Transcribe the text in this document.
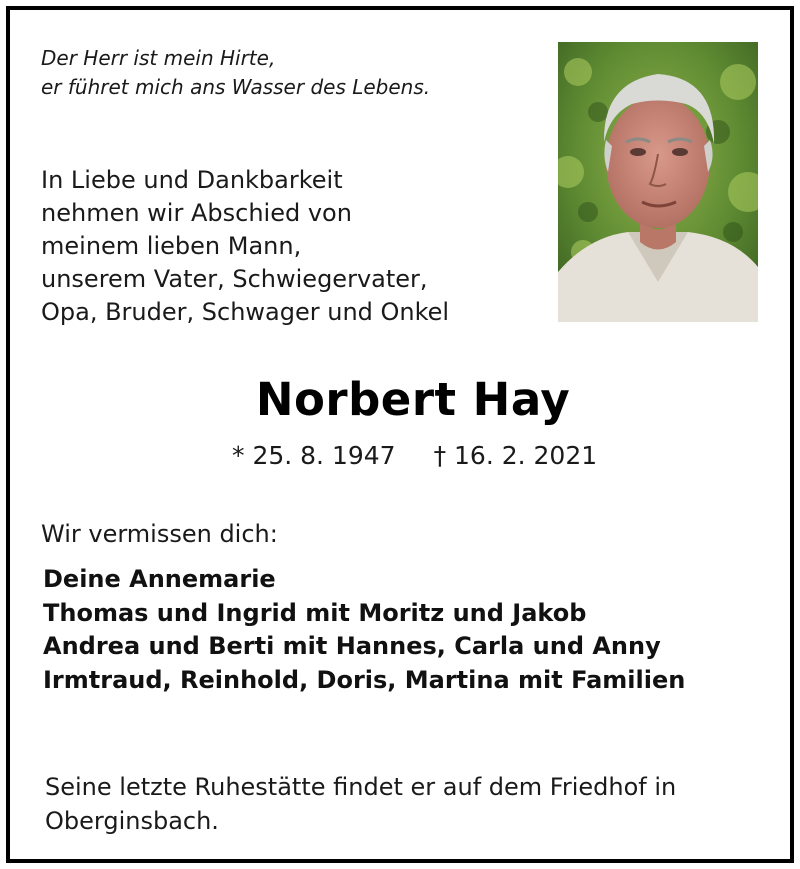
Der Herr ist mein Hirte,
er führet mich ans Wasser des Lebens.
In Liebe und Dankbarkeit
nehmen wir Abschied von
meinem lieben Mann,
unserem Vater, Schwiegervater,
Opa, Bruder, Schwager und Onkel
Norbert Hay
* 25. 8. 1947 † 16. 2. 2021
Wir vermissen dich:
Deine Annemarie
Thomas und Ingrid mit Moritz und Jakob
Andrea und Berti mit Hannes, Carla und Anny
Irmtraud, Reinhold, Doris, Martina mit Familien
Seine letzte Ruhestätte findet er auf dem Friedhof in
Oberginsbach.
